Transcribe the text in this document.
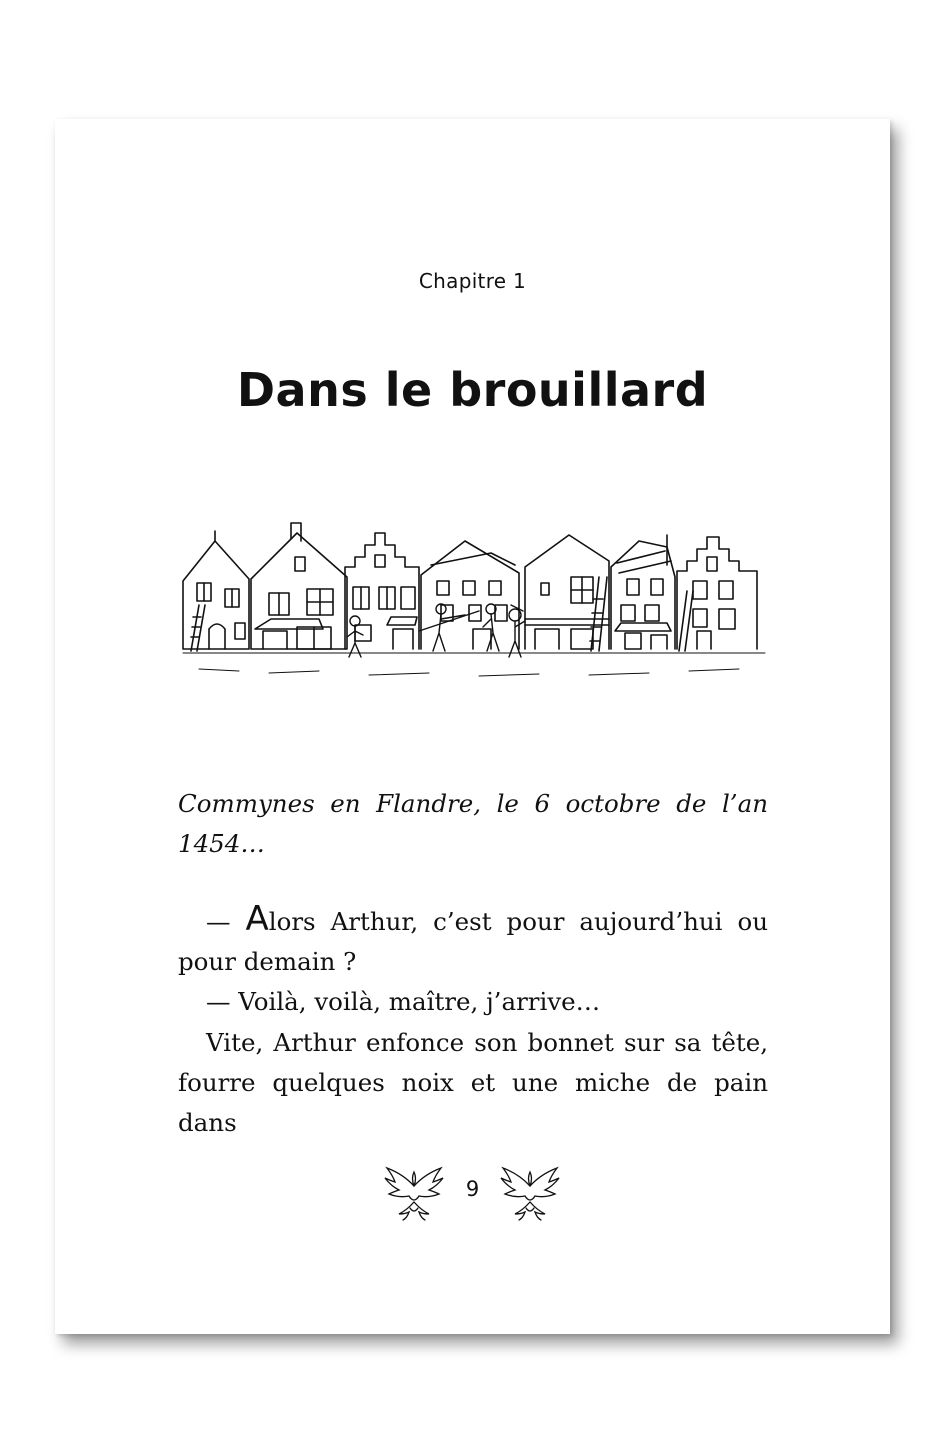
Chapitre 1
Dans le brouillard

Commynes en Flandre, le 6 octobre de l’an 1454…

— Alors Arthur, c’est pour aujourd’hui ou pour demain ?

— Voilà, voilà, maître, j’arrive…

Vite, Arthur enfonce son bonnet sur sa tête, fourre quelques noix et une miche de pain dans

9
